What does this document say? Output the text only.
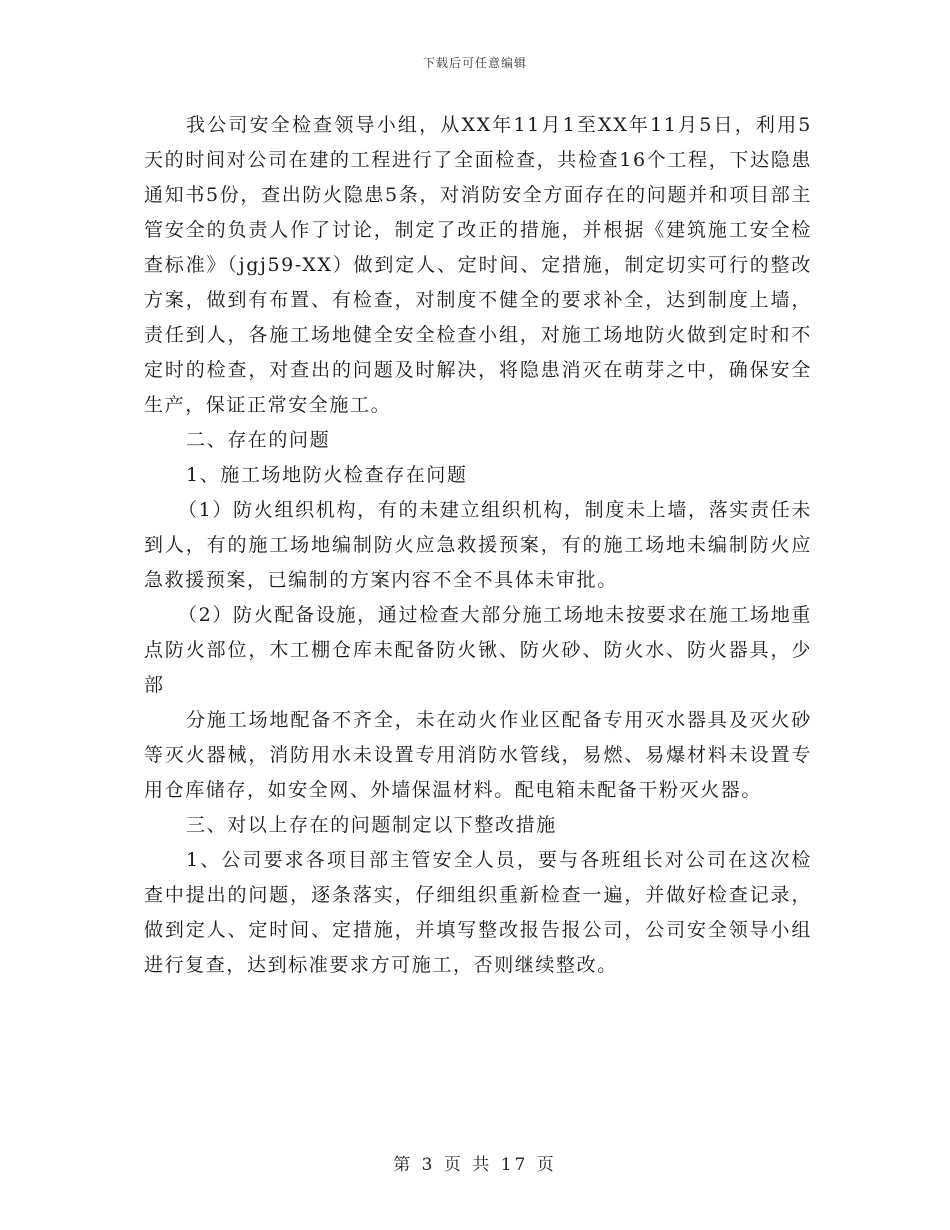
下载后可任意编辑

我公司安全检查领导小组，从XX年11月1至XX年11月5日，利用5天的时间对公司在建的工程进行了全面检查，共检查16个工程，下达隐患通知书5份，查出防火隐患5条，对消防安全方面存在的问题并和项目部主管安全的负责人作了讨论，制定了改正的措施，并根据《建筑施工安全检查标准》（jgj59-XX）做到定人、定时间、定措施，制定切实可行的整改方案，做到有布置、有检查，对制度不健全的要求补全，达到制度上墙，责任到人，各施工场地健全安全检查小组，对施工场地防火做到定时和不定时的检查，对查出的问题及时解决，将隐患消灭在萌芽之中，确保安全生产，保证正常安全施工。

二、存在的问题

1、施工场地防火检查存在问题

（1）防火组织机构，有的未建立组织机构，制度未上墙，落实责任未到人，有的施工场地编制防火应急救援预案，有的施工场地未编制防火应急救援预案，已编制的方案内容不全不具体未审批。

（2）防火配备设施，通过检查大部分施工场地未按要求在施工场地重点防火部位，木工棚仓库未配备防火锹、防火砂、防火水、防火器具，少部

分施工场地配备不齐全，未在动火作业区配备专用灭水器具及灭火砂等灭火器械，消防用水未设置专用消防水管线，易燃、易爆材料未设置专用仓库储存，如安全网、外墙保温材料。配电箱未配备干粉灭火器。

三、对以上存在的问题制定以下整改措施

1、公司要求各项目部主管安全人员，要与各班组长对公司在这次检查中提出的问题，逐条落实，仔细组织重新检查一遍，并做好检查记录，做到定人、定时间、定措施，并填写整改报告报公司，公司安全领导小组进行复查，达到标准要求方可施工，否则继续整改。

第 3 页 共 17 页
